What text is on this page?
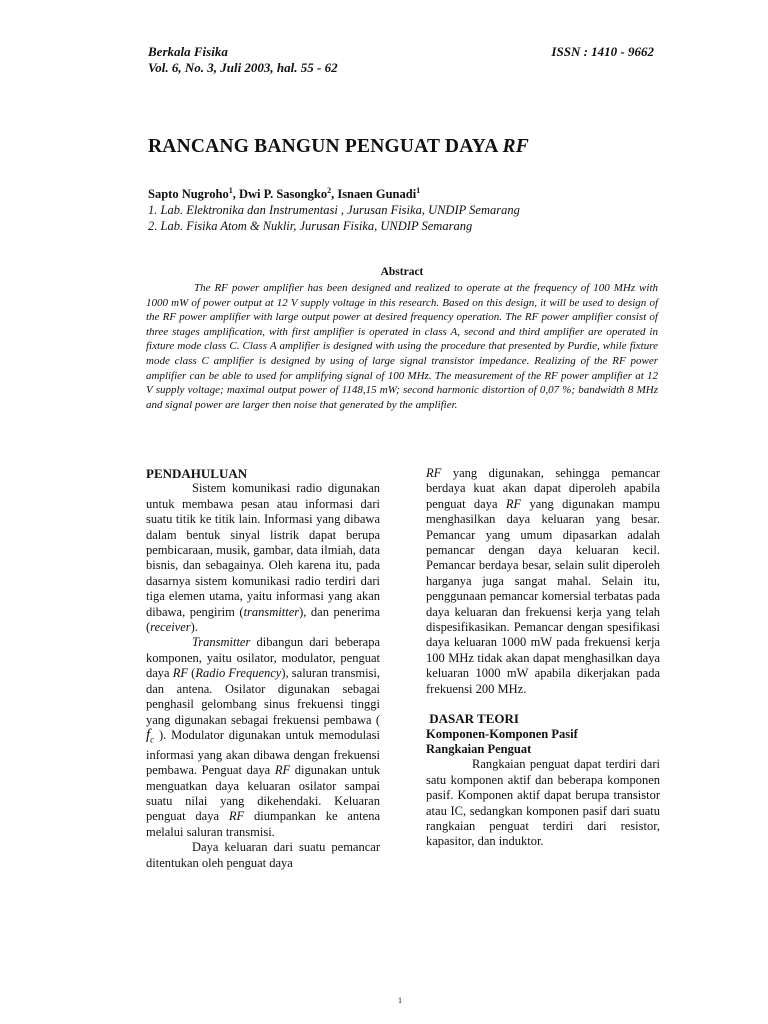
Berkala Fisika
Vol. 6, No. 3, Juli 2003, hal. 55 - 62
ISSN : 1410 - 9662
RANCANG BANGUN PENGUAT DAYA RF
Sapto Nugroho$^1$, Dwi P. Sasongko$^2$, Isnaen Gunadi$^1$
1. Lab. Elektronika dan Instrumentasi , Jurusan Fisika, UNDIP Semarang
2. Lab. Fisika Atom & Nuklir, Jurusan Fisika, UNDIP Semarang
Abstract
The RF power amplifier has been designed and realized to operate at the frequency of 100 MHz with 1000 mW of power output at 12 V supply voltage in this research. Based on this design, it will be used to design of the RF power amplifier with large output power at desired frequency operation. The RF power amplifier consist of three stages amplification, with first amplifier is operated in class A, second and third amplifier are operated in fixture mode class C. Class A amplifier is designed with using the procedure that presented by Purdie, while fixture mode class C amplifier is designed by using of large signal transistor impedance. Realizing of the RF power amplifier can be able to used for amplifying signal of 100 MHz. The measurement of the RF power amplifier at 12 V supply voltage; maximal output power of 1148,15 mW; second harmonic distortion of 0,07 %; bandwidth 8 MHz and signal power are larger then noise that generated by the amplifier.
PENDAHULUAN

Sistem komunikasi radio digunakan untuk membawa pesan atau informasi dari suatu titik ke titik lain. Informasi yang dibawa dalam bentuk sinyal listrik dapat berupa pembicaraan, musik, gambar, data ilmiah, data bisnis, dan sebagainya. Oleh karena itu, pada dasarnya sistem komunikasi radio terdiri dari tiga elemen utama, yaitu informasi yang akan dibawa, pengirim (transmitter), dan penerima (receiver).

Transmitter dibangun dari beberapa komponen, yaitu osilator, modulator, penguat daya RF (Radio Frequency), saluran transmisi, dan antena. Osilator digunakan sebagai penghasil gelombang sinus frekuensi tinggi yang digunakan sebagai frekuensi pembawa ( $f_c$ ). Modulator digunakan untuk memodulasi informasi yang akan dibawa dengan frekuensi pembawa. Penguat daya RF digunakan untuk menguatkan daya keluaran osilator sampai suatu nilai yang dikehendaki. Keluaran penguat daya RF diumpankan ke antena melalui saluran transmisi.

Daya keluaran dari suatu pemancar ditentukan oleh penguat daya

RF yang digunakan, sehingga pemancar berdaya kuat akan dapat diperoleh apabila penguat daya RF yang digunakan mampu menghasilkan daya keluaran yang besar. Pemancar yang umum dipasarkan adalah pemancar dengan daya keluaran kecil. Pemancar berdaya besar, selain sulit diperoleh harganya juga sangat mahal. Selain itu, penggunaan pemancar komersial terbatas pada daya keluaran dan frekuensi kerja yang telah dispesifikasikan. Pemancar dengan spesifikasi daya keluaran 1000 mW pada frekuensi kerja 100 MHz tidak akan dapat menghasilkan daya keluaran 1000 mW apabila dikerjakan pada frekuensi 200 MHz.

DASAR TEORI
Komponen-Komponen Pasif
Rangkaian Penguat

Rangkaian penguat dapat terdiri dari satu komponen aktif dan beberapa komponen pasif. Komponen aktif dapat berupa transistor atau IC, sedangkan komponen pasif dari suatu rangkaian penguat terdiri dari resistor, kapasitor, dan induktor.

1
